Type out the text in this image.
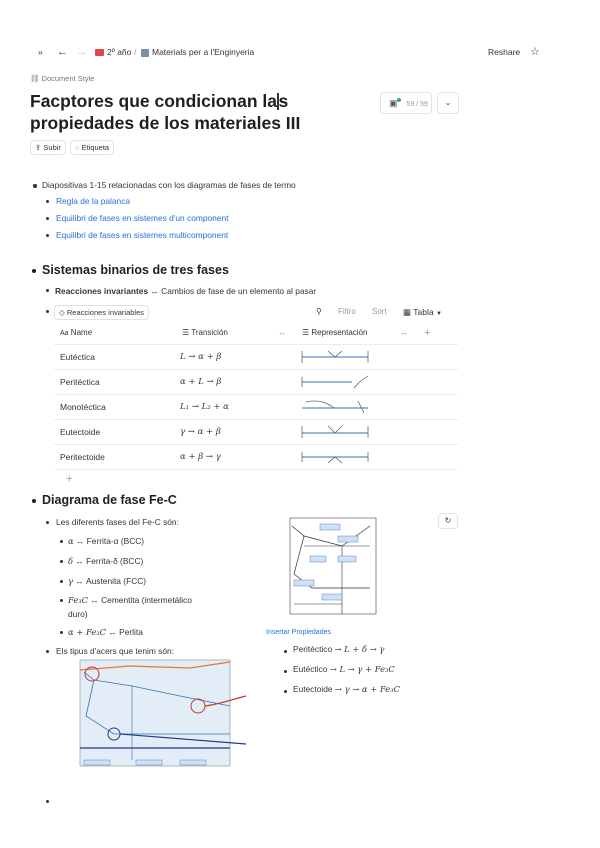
» ← →	2º año /	Materials per a l'Enginyeria	Reshare ☆
⛓ Document Style
Facptores que condicionan las
propiedades de los materiales III
▣ 59 / 59	⌄
⇪ Subir	◌ Etiqueta
Diapositivas 1-15 relacionadas con los diagramas de fases de termo
Regla de la palanca
Equilibri de fases en sistemes d'un component
Equilibri de fases en sistemes multicomponent
Sistemas binarios de tres fases
Reacciones invariantes ↔ Cambios de fase de un elemento al pasar
◇ Reacciones invariables	⚲ Filtro Sort ▦ Tabla ▼
Aa Name	☰ Transición	↔ ☰ Representación	↔ +
Eutéctica	L → α + β
Peritéctica	α + L → β
Monotéctica	L₁ → L₂ + α
Eutectoide	γ → α + β
Peritectoide	α + β → γ
+
Diagrama de fase Fe-C
Les diferents fases del Fe-C són:
α ↔ Ferrita-α (BCC)
δ ↔ Ferrita-δ (BCC)
γ ↔ Austenita (FCC)
Fe₃C ↔ Cementita (intermetálico
duro)
α + Fe₃C ↔ Perlita
Els tipus d'acers que tenim són:
↻
Insertar Propiedades
Peritéctico → L + δ → γ
Eutéctico → L → γ + Fe₃C
Eutectoide → γ → α + Fe₃C
